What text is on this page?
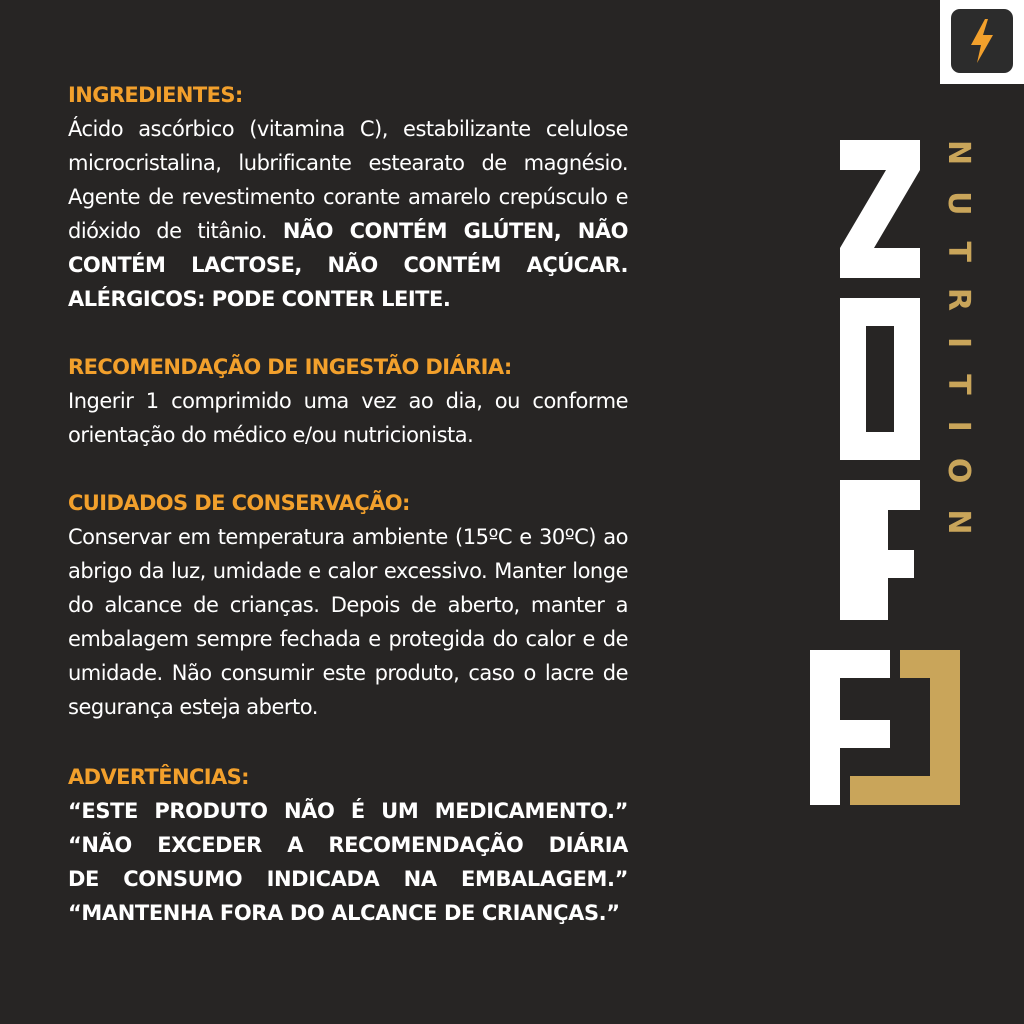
INGREDIENTES:

Ácido ascórbico (vitamina C), estabilizante celulose microcristalina, lubrificante estearato de magnésio. Agente de revestimento corante amarelo crepúsculo e dióxido de titânio. NÃO CONTÉM GLÚTEN, NÃO CONTÉM LACTOSE, NÃO CONTÉM AÇÚCAR. ALÉRGICOS: PODE CONTER LEITE.

RECOMENDAÇÃO DE INGESTÃO DIÁRIA:

Ingerir 1 comprimido uma vez ao dia, ou conforme orientação do médico e/ou nutricionista.

CUIDADOS DE CONSERVAÇÃO:

Conservar em temperatura ambiente (15ºC e 30ºC) ao abrigo da luz, umidade e calor excessivo. Manter longe do alcance de crianças. Depois de aberto, manter a embalagem sempre fechada e protegida do calor e de umidade. Não consumir este produto, caso o lacre de segurança esteja aberto.

ADVERTÊNCIAS:

“ESTE PRODUTO NÃO É UM MEDICAMENTO.”

“NÃO EXCEDER A RECOMENDAÇÃO DIÁRIA

DE CONSUMO INDICADA NA EMBALAGEM.”

“MANTENHA FORA DO ALCANCE DE CRIANÇAS.”

NUTRITION
